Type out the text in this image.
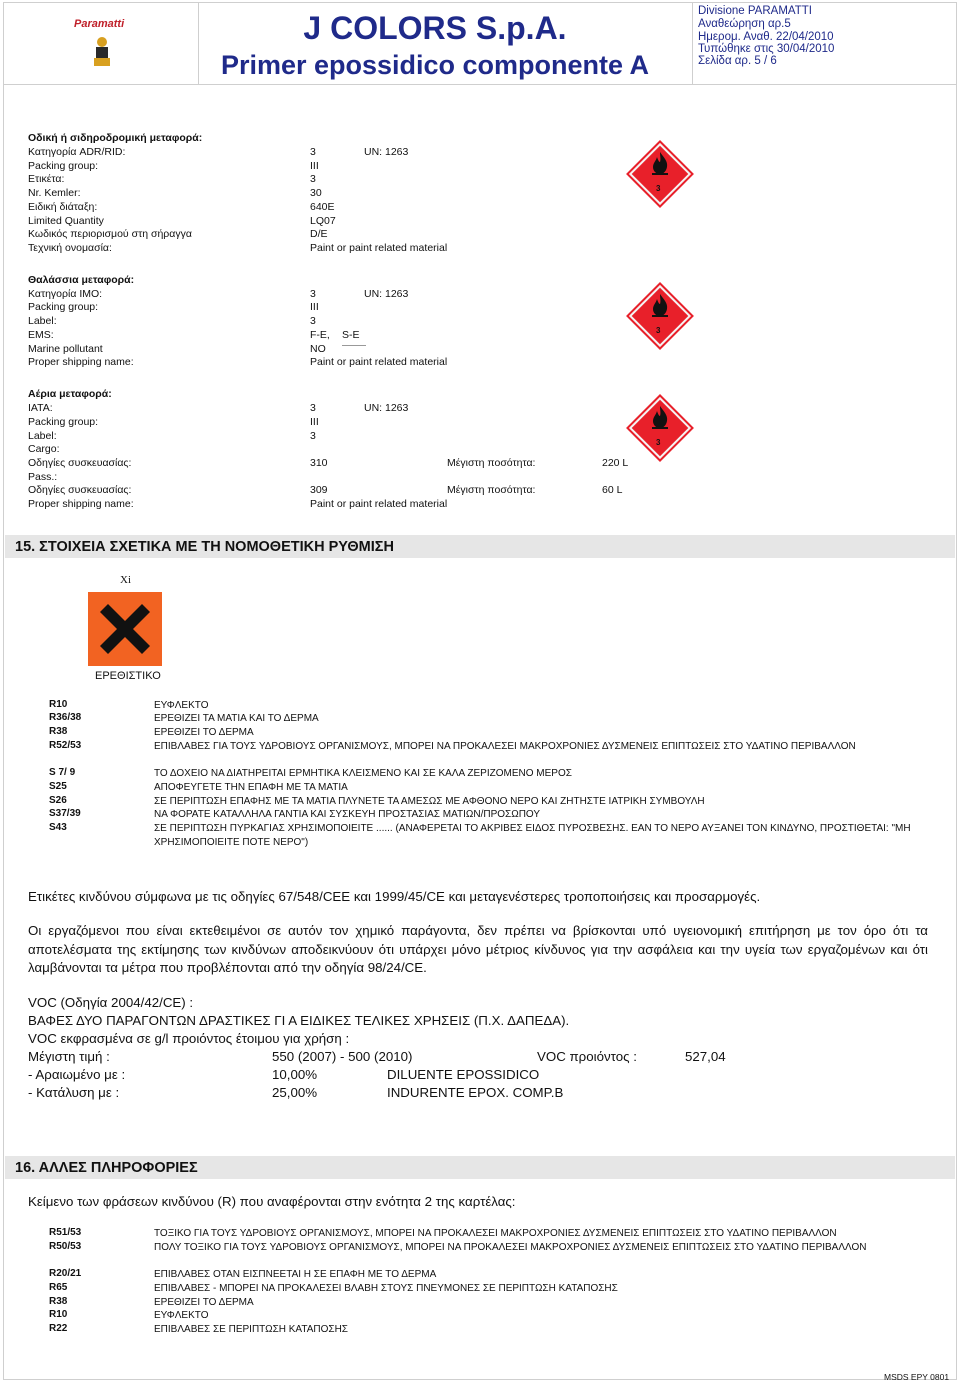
Paramatti	J COLORS S.p.A.
Primer epossidico componente A
Divisione PARAMATTI
Αναθεώρηση αρ.5
Ημερομ. Αναθ. 22/04/2010
Τυπώθηκε στις 30/04/2010
Σελίδα αρ. 5 / 6
Οδική ή σιδηροδρομική μεταφορά:
Κατηγορία ADR/RID:	3	UN: 1263
Packing group:	III
Ετικέτα:	3
Nr. Kemler:	30
Ειδική διάταξη:	640E
Limited Quantity	LQ07
Κωδικός περιορισμού στη σήραγγα	D/E
Τεχνική ονομασία:	Paint or paint related material
3
Θαλάσσια μεταφορά:
Κατηγορία IMO:	3	UN: 1263
Packing group:	III
Label:	3
EMS:	F-E, S-E
Marine pollutant	NO
Proper shipping name:	Paint or paint related material
3
Αέρια μεταφορά:
IATA:	3	UN: 1263
Packing group:	III
Label:	3
Cargo:
Οδηγίες συσκευασίας:	310	Μέγιστη ποσότητα:	220 L
Pass.:
Οδηγίες συσκευασίας:	309	Μέγιστη ποσότητα:	60 L
Proper shipping name:	Paint or paint related material
3
15. ΣΤΟΙΧΕΙΑ ΣΧΕΤΙΚΑ ΜΕ ΤΗ ΝΟΜΟΘΕΤΙΚΗ ΡΥΘΜΙΣΗ
Xi
ΕΡΕΘΙΣΤΙΚΟ
R10	ΕΥΦΛΕΚΤΟ
R36/38	ΕΡΕΘΙΖΕΙ ΤΑ ΜΑΤΙΑ ΚΑΙ ΤΟ ΔΕΡΜΑ
R38	ΕΡΕΘΙΖΕΙ ΤΟ ΔΕΡΜΑ
R52/53	ΕΠΙΒΛΑΒΕΣ ΓΙΑ ΤΟΥΣ ΥΔΡΟΒΙΟΥΣ ΟΡΓΑΝΙΣΜΟΥΣ, ΜΠΟΡΕΙ ΝΑ ΠΡΟΚΑΛΕΣΕΙ ΜΑΚΡΟΧΡΟΝΙΕΣ ΔΥΣΜΕΝΕΙΣ ΕΠΙΠΤΩΣΕΙΣ ΣΤΟ ΥΔΑΤΙΝΟ ΠΕΡΙΒΑΛΛΟΝ
S 7/ 9	ΤΟ ΔΟΧΕΙΟ ΝΑ ΔΙΑΤΗΡΕΙΤΑΙ ΕΡΜΗΤΙΚΑ ΚΛΕΙΣΜΕΝΟ ΚΑΙ ΣΕ ΚΑΛΑ ΖΕΡΙΖΟΜΕΝΟ ΜΕΡΟΣ
S25	ΑΠΟΦΕΥΓΕΤΕ ΤΗΝ ΕΠΑΦΗ ΜΕ ΤΑ ΜΑΤΙΑ
S26	ΣΕ ΠΕΡΙΠΤΩΣΗ ΕΠΑΦΗΣ ΜΕ ΤΑ ΜΑΤΙΑ ΠΛΥΝΕΤΕ ΤΑ ΑΜΕΣΩΣ ΜΕ ΑΦΘΟΝΟ ΝΕΡΟ ΚΑΙ ΖΗΤΗΣΤΕ ΙΑΤΡΙΚΗ ΣΥΜΒΟΥΛΗ
S37/39	ΝΑ ΦΟΡΑΤΕ ΚΑΤΑΛΛΗΛΑ ΓΑΝΤΙΑ ΚΑΙ ΣΥΣΚΕΥΗ ΠΡΟΣΤΑΣΙΑΣ ΜΑΤΙΩΝ/ΠΡΟΣΩΠΟΥ
S43	ΣΕ ΠΕΡΙΠΤΩΣΗ ΠΥΡΚΑΓΙΑΣ ΧΡΗΣΙΜΟΠΟΙΕΙΤΕ ...... (ΑΝΑΦΕΡΕΤΑΙ ΤΟ ΑΚΡΙΒΕΣ ΕΙΔΟΣ ΠΥΡΟΣΒΕΣΗΣ. ΕΑΝ ΤΟ ΝΕΡΟ ΑΥΞΑΝΕΙ ΤΟΝ ΚΙΝΔΥΝΟ, ΠΡΟΣΤΙΘΕΤΑΙ: "ΜΗ ΧΡΗΣΙΜΟΠΟΙΕΙΤΕ ΠΟΤΕ ΝΕΡΟ")
Ετικέτες κινδύνου σύμφωνα με τις οδηγίες 67/548/CEE και 1999/45/CE και μεταγενέστερες τροποποιήσεις και προσαρμογές.
Οι εργαζόμενοι που είναι εκτεθειμένοι σε αυτόν τον χημικό παράγοντα, δεν πρέπει να βρίσκονται υπό υγειονομική επιτήρηση με τον όρο ότι τα αποτελέσματα της εκτίμησης των κινδύνων αποδεικνύουν ότι υπάρχει μόνο μέτριος κίνδυνος για την ασφάλεια και την υγεία των εργαζομένων και ότι λαμβάνονται τα μέτρα που προβλέπονται από την οδηγία 98/24/CE.
VOC (Οδηγία 2004/42/CE) :
ΒΑΦΕΣ ΔΥΟ ΠΑΡΑΓΟΝΤΩΝ ΔΡΑΣΤΙΚΕΣ ΓΙ Α ΕΙΔΙΚΕΣ ΤΕΛΙΚΕΣ ΧΡΗΣΕΙΣ (Π.Χ. ΔΑΠΕΔΑ).
VOC εκφρασμένα σε g/l προιόντος έτοιμου για χρήση :
Μέγιστη τιμή :	550 (2007) - 500 (2010)	VOC προιόντος :	527,04
- Αραιωμένο με :	10,00%	DILUENTE EPOSSIDICO
- Κατάλυση με :	25,00%	INDURENTE EPOX. COMP.B
16. ΑΛΛΕΣ ΠΛΗΡΟΦΟΡΙΕΣ
Κείμενο των φράσεων κινδύνου (R) που αναφέρονται στην ενότητα 2 της καρτέλας:
R51/53	ΤΟΞΙΚΟ ΓΙΑ ΤΟΥΣ ΥΔΡΟΒΙΟΥΣ ΟΡΓΑΝΙΣΜΟΥΣ, ΜΠΟΡΕΙ ΝΑ ΠΡΟΚΑΛΕΣΕΙ ΜΑΚΡΟΧΡΟΝΙΕΣ ΔΥΣΜΕΝΕΙΣ ΕΠΙΠΤΩΣΕΙΣ ΣΤΟ ΥΔΑΤΙΝΟ ΠΕΡΙΒΑΛΛΟΝ
R50/53	ΠΟΛΥ ΤΟΞΙΚΟ ΓΙΑ ΤΟΥΣ ΥΔΡΟΒΙΟΥΣ ΟΡΓΑΝΙΣΜΟΥΣ, ΜΠΟΡΕΙ ΝΑ ΠΡΟΚΑΛΕΣΕΙ ΜΑΚΡΟΧΡΟΝΙΕΣ ΔΥΣΜΕΝΕΙΣ ΕΠΙΠΤΩΣΕΙΣ ΣΤΟ ΥΔΑΤΙΝΟ ΠΕΡΙΒΑΛΛΟΝ
R20/21	ΕΠΙΒΛΑΒΕΣ ΟΤΑΝ ΕΙΣΠΝΕΕΤΑΙ Η ΣΕ ΕΠΑΦΗ ΜΕ ΤΟ ΔΕΡΜΑ
R65	ΕΠΙΒΛΑΒΕΣ - ΜΠΟΡΕΙ ΝΑ ΠΡΟΚΑΛΕΣΕΙ ΒΛΑΒΗ ΣΤΟΥΣ ΠΝΕΥΜΟΝΕΣ ΣΕ ΠΕΡΙΠΤΩΣΗ ΚΑΤΑΠΟΣΗΣ
R38	ΕΡΕΘΙΖΕΙ ΤΟ ΔΕΡΜΑ
R10	ΕΥΦΛΕΚΤΟ
R22	ΕΠΙΒΛΑΒΕΣ ΣΕ ΠΕΡΙΠΤΩΣΗ ΚΑΤΑΠΟΣΗΣ
MSDS EPY 0801
